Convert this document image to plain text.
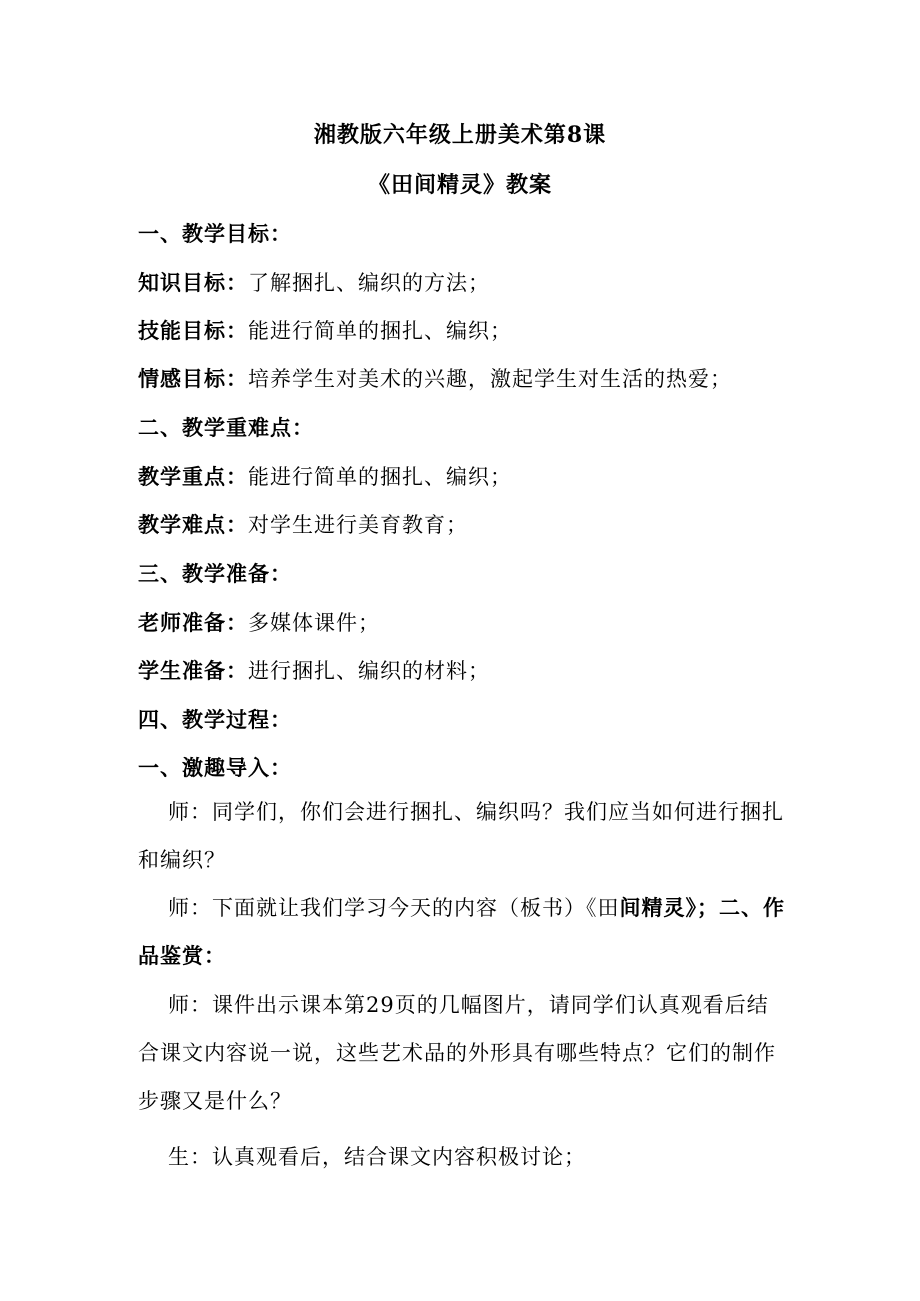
湘教版六年级上册美术第8课
《田间精灵》教案
一、教学目标：
知识目标：了解捆扎、编织的方法；
技能目标：能进行简单的捆扎、编织；
情感目标：培养学生对美术的兴趣，激起学生对生活的热爱；
二、教学重难点：
教学重点：能进行简单的捆扎、编织；
教学难点：对学生进行美育教育；
三、教学准备：
老师准备：多媒体课件；
学生准备：进行捆扎、编织的材料；
四、教学过程：
一、激趣导入：
师：同学们，你们会进行捆扎、编织吗？我们应当如何进行捆扎和编织？
师：下面就让我们学习今天的内容（板书）《田间精灵》；二、作品鉴赏：
师：课件出示课本第29页的几幅图片，请同学们认真观看后结合课文内容说一说，这些艺术品的外形具有哪些特点？它们的制作步骤又是什么？
生：认真观看后，结合课文内容积极讨论；
